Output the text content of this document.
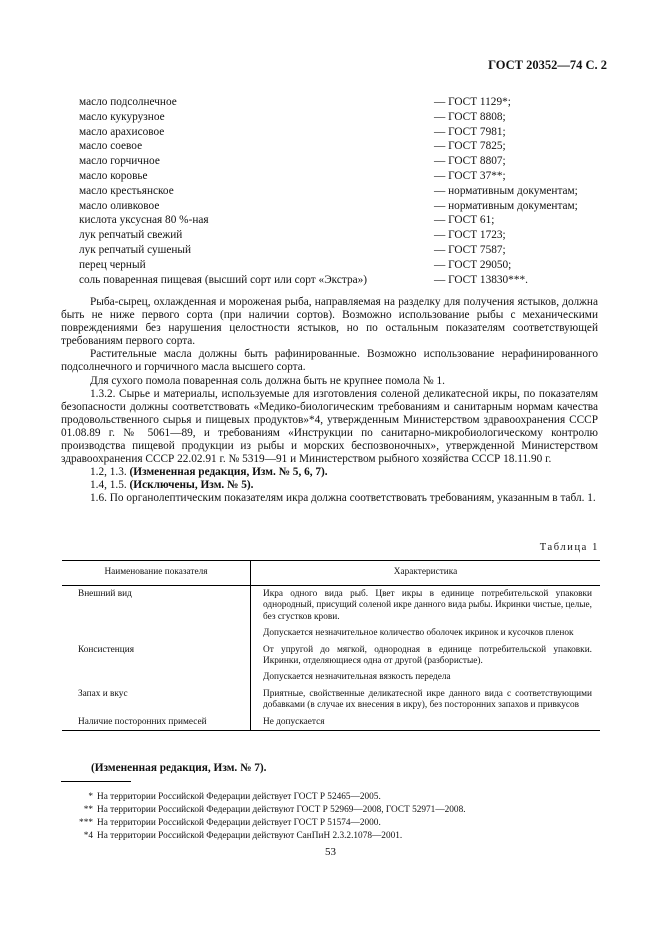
ГОСТ 20352—74 С. 2
масло подсолнечное	— ГОСТ 1129*;
масло кукурузное	— ГОСТ 8808;
масло арахисовое	— ГОСТ 7981;
масло соевое	— ГОСТ 7825;
масло горчичное	— ГОСТ 8807;
масло коровье	— ГОСТ 37**;
масло крестьянское	— нормативным документам;
масло оливковое	— нормативным документам;
кислота уксусная 80 %-ная	— ГОСТ 61;
лук репчатый свежий	— ГОСТ 1723;
лук репчатый сушеный	— ГОСТ 7587;
перец черный	— ГОСТ 29050;
соль поваренная пищевая (высший сорт или сорт «Экстра»)	— ГОСТ 13830***.

Рыба-сырец, охлажденная и мороженая рыба, направляемая на разделку для получения ястыков, должна быть не ниже первого сорта (при наличии сортов). Возможно использование рыбы с механическими повреждениями без нарушения целостности ястыков, но по остальным показателям соответствующей требованиям первого сорта.

Растительные масла должны быть рафинированные. Возможно использование нерафинированного подсолнечного и горчичного масла высшего сорта.

Для сухого помола поваренная соль должна быть не крупнее помола № 1.

1.3.2. Сырье и материалы, используемые для изготовления соленой деликатесной икры, по показателям безопасности должны соответствовать «Медико-биологическим требованиям и санитарным нормам качества продовольственного сырья и пищевых продуктов»*4, утвержденным Министерством здравоохранения СССР 01.08.89 г. № 5061—89, и требованиям «Инструкции по санитарно-микробиологическому контролю производства пищевой продукции из рыбы и морских беспозвоночных», утвержденной Министерством здравоохранения СССР 22.02.91 г. № 5319—91 и Министерством рыбного хозяйства СССР 18.11.90 г.

1.2, 1.3. (Измененная редакция, Изм. № 5, 6, 7).

1.4, 1.5. (Исключены, Изм. № 5).

1.6. По органолептическим показателям икра должна соответствовать требованиям, указанным в табл. 1.

Таблица 1
Наименование показателя	Характеристика
Внешний вид	Икра одного вида рыб. Цвет икры в единице потребительской упаковки однородный, присущий соленой икре данного вида рыбы. Икринки чистые, целые, без сгустков крови.
	Допускается незначительное количество оболочек икринок и кусочков пленок
Консистенция	От упругой до мягкой, однородная в единице потребительской упаковки. Икринки, отделяющиеся одна от другой (разбористые).
	Допускается незначительная вязкость переделa
Запах и вкус	Приятные, свойственные деликатесной икре данного вида с соответствующими добавками (в случае их внесения в икру), без посторонних запахов и привкусов
Наличие посторонних примесей	Не допускается
(Измененная редакция, Изм. № 7).
* На территории Российской Федерации действует ГОСТ Р 52465—2005.
** На территории Российской Федерации действуют ГОСТ Р 52969—2008, ГОСТ 52971—2008.
*** На территории Российской Федерации действует ГОСТ Р 51574—2000.
*4 На территории Российской Федерации действуют СанПиН 2.3.2.1078—2001.
53
